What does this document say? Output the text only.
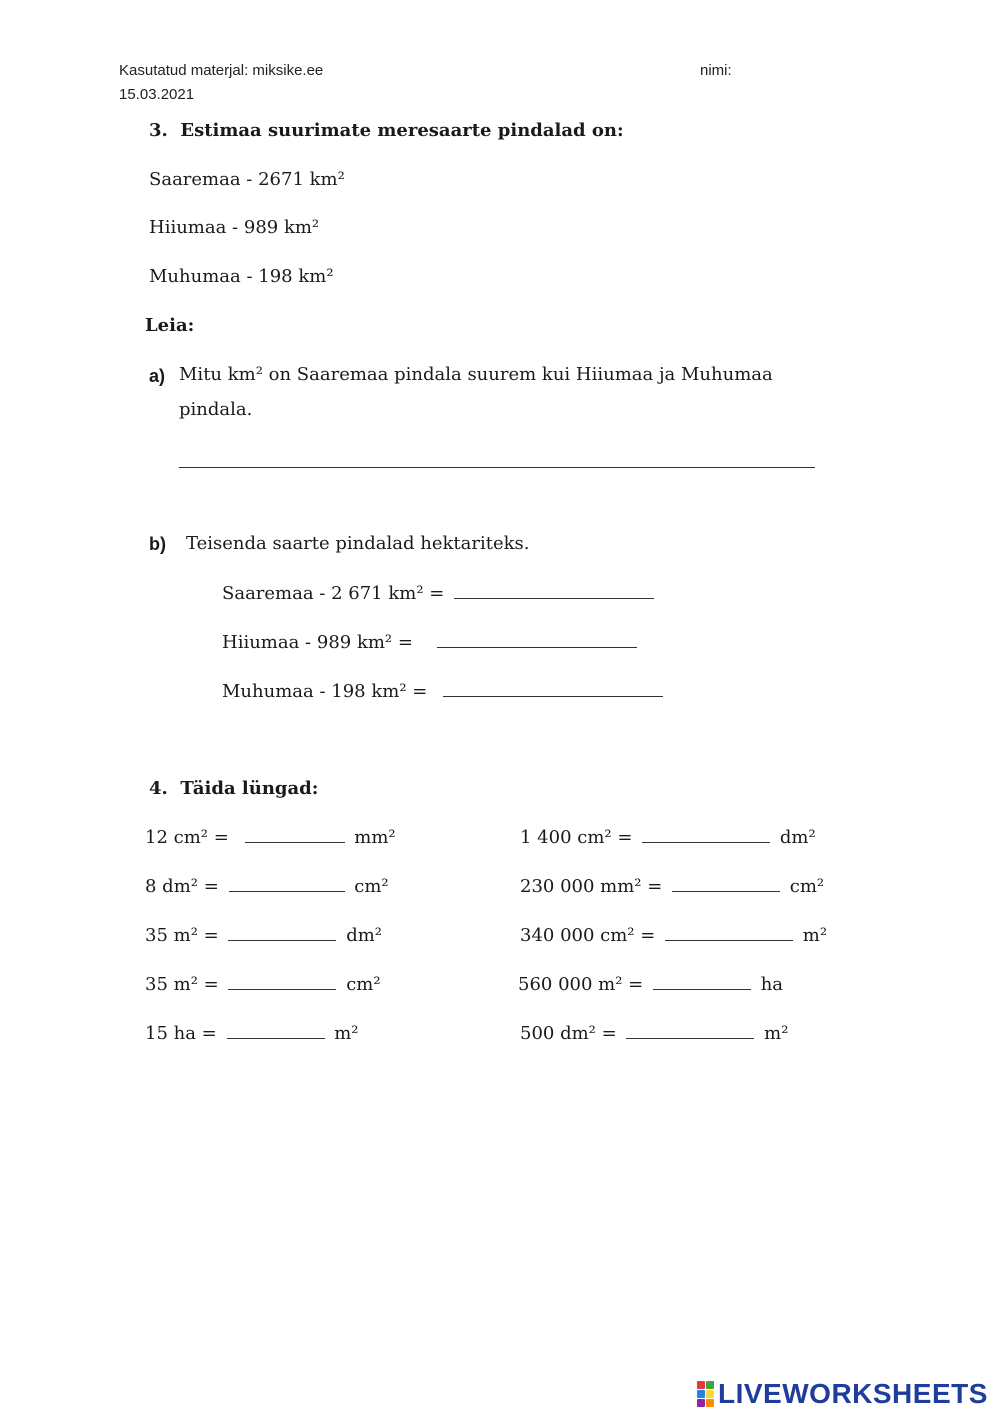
Kasutatud materjal: miksike.ee
15.03.2021
nimi:
3. Estimaa suurimate meresaarte pindalad on:
Saaremaa - 2671 km²
Hiiumaa - 989 km²
Muhumaa - 198 km²
Leia:
a) Mitu km² on Saaremaa pindala suurem kui Hiiumaa ja Muhumaa
pindala.
b) Teisenda saarte pindalad hektariteks.
Saaremaa - 2 671 km² =
Hiiumaa - 989 km² =
Muhumaa - 198 km² =
4. Täida lüngad:
12 cm² =	mm²
8 dm² =	cm²
35 m² =	dm²
35 m² =	cm²
15 ha =	m²
1 400 cm² =	dm²
230 000 mm² =	cm²
340 000 cm² =	m²
560 000 m² =	ha
500 dm² =	m²
LIVEWORKSHEETS
